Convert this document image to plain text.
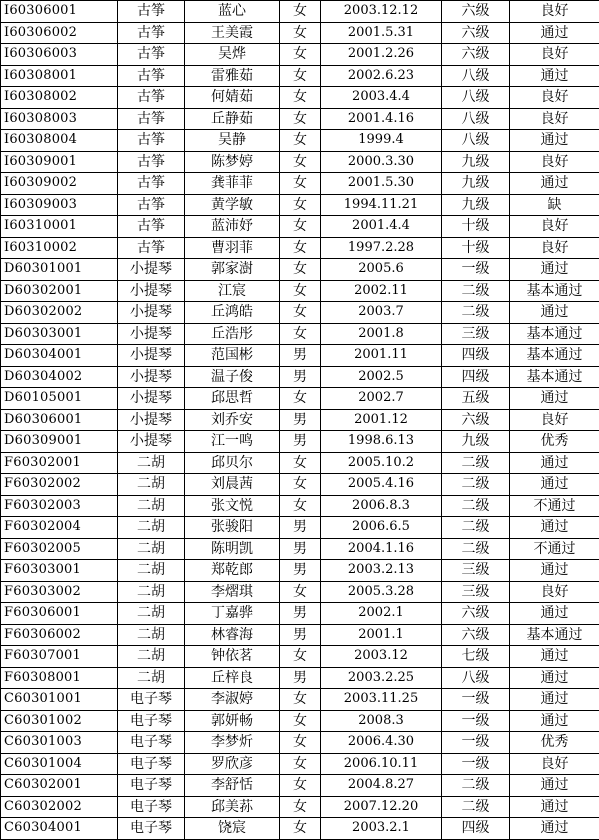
I60306001	古筝	蓝心	女	2003.12.12	六级	良好
I60306002	古筝	王美霞	女	2001.5.31	六级	通过
I60306003	古筝	吴烨	女	2001.2.26	六级	良好
I60308001	古筝	雷雅茹	女	2002.6.23	八级	通过
I60308002	古筝	何婧茹	女	2003.4.4	八级	良好
I60308003	古筝	丘静茹	女	2001.4.16	八级	良好
I60308004	古筝	吴静	女	1999.4	八级	通过
I60309001	古筝	陈梦婷	女	2000.3.30	九级	良好
I60309002	古筝	龚菲菲	女	2001.5.30	九级	通过
I60309003	古筝	黄学敏	女	1994.11.21	九级	缺
I60310001	古筝	蓝沛妤	女	2001.4.4	十级	良好
I60310002	古筝	曹羽菲	女	1997.2.28	十级	良好
D60301001	小提琴	郭家澍	女	2005.6	一级	通过
D60302001	小提琴	江宸	女	2002.11	二级	基本通过
D60302002	小提琴	丘鸿皓	女	2003.7	二级	通过
D60303001	小提琴	丘浩彤	女	2001.8	三级	基本通过
D60304001	小提琴	范国彬	男	2001.11	四级	基本通过
D60304002	小提琴	温子俊	男	2002.5	四级	基本通过
D60105001	小提琴	邱思哲	女	2002.7	五级	通过
D60306001	小提琴	刘乔安	男	2001.12	六级	良好
D60309001	小提琴	江一鸣	男	1998.6.13	九级	优秀
F60302001	二胡	邱贝尔	女	2005.10.2	二级	通过
F60302002	二胡	刘晨茜	女	2005.4.16	二级	通过
F60302003	二胡	张文悦	女	2006.8.3	二级	不通过
F60302004	二胡	张骏阳	男	2006.6.5	二级	通过
F60302005	二胡	陈明凯	男	2004.1.16	二级	不通过
F60303001	二胡	郑乾郎	男	2003.2.13	三级	通过
F60303002	二胡	李熠琪	女	2005.3.28	三级	良好
F60306001	二胡	丁嘉骅	男	2002.1	六级	通过
F60306002	二胡	林睿海	男	2001.1	六级	基本通过
F60307001	二胡	钟依茗	女	2003.12	七级	通过
F60308001	二胡	丘梓良	男	2003.2.25	八级	通过
C60301001	电子琴	李淑婷	女	2003.11.25	一级	通过
C60301002	电子琴	郭妍畅	女	2008.3	一级	通过
C60301003	电子琴	李梦炘	女	2006.4.30	一级	优秀
C60301004	电子琴	罗欣彦	女	2006.10.11	一级	良好
C60302001	电子琴	李舒恬	女	2004.8.27	二级	通过
C60302002	电子琴	邱美荪	女	2007.12.20	二级	通过
C60304001	电子琴	饶宸	女	2003.2.1	四级	通过
